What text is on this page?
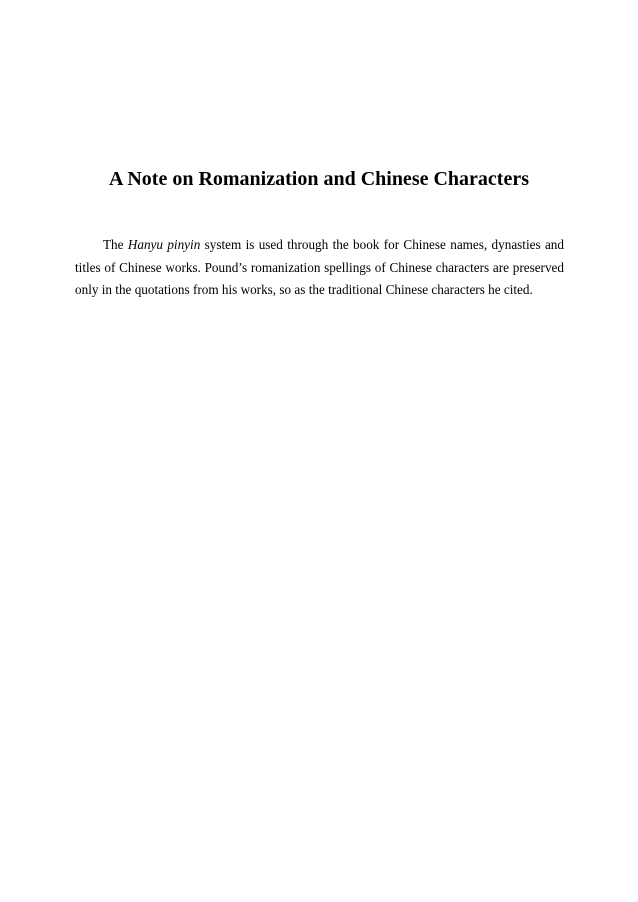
A Note on Romanization and Chinese Characters

The Hanyu pinyin system is used through the book for Chinese names, dynasties and titles of Chinese works. Pound’s romanization spellings of Chinese characters are preserved only in the quotations from his works, so as the traditional Chinese characters he cited.
